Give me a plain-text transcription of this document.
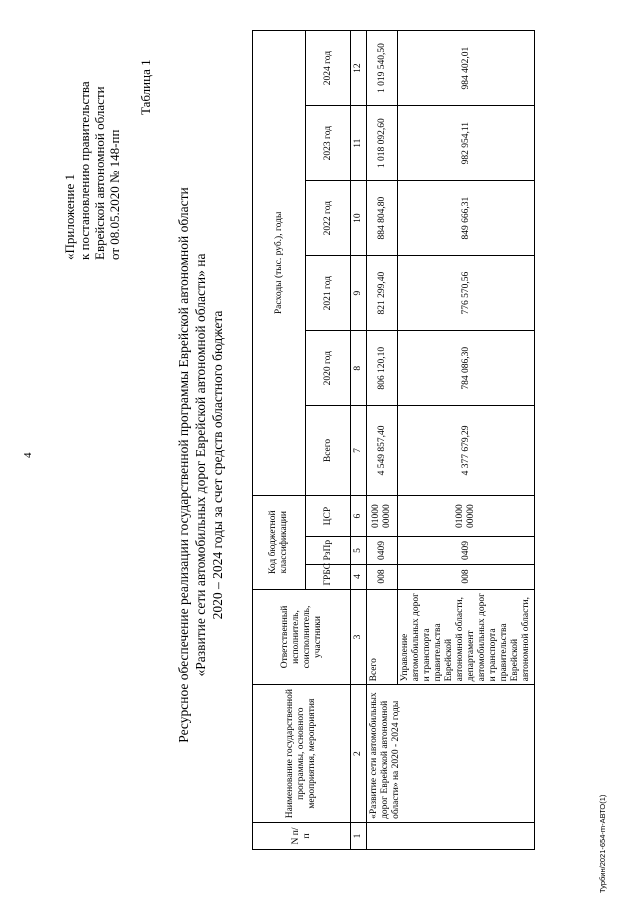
4
«Приложение 1 к постановлению правительства Еврейской автономной области от 08.05.2020 № 148-пп
Таблица 1
Ресурсное обеспечение реализации государственной программы Еврейской автономной области «Развитие сети автомобильных дорог Еврейской автономной области» на 2020 – 2024 годы за счет средств областного бюджета
N п/п	Наименование государственной программы, основного мероприятия, мероприятия	Ответственный исполнитель, соисполнитель, участники	Код бюджетной классификации			Расходы (тыс. руб.), годы					
			ГРБС	РзПр	ЦСР	Всего	2020 год	2021 год	2022 год	2023 год	2024 год
1	2	3	4	5	6	7	8	9	10	11	12
	«Развитие сети автомобильных дорог Еврейской автономной области» на 2020 - 2024 годы	Всего	008	0409	01000 00000	4 549 857,40	806 120,10	821 299,40	884 804,80	1 018 092,60	1 019 540,50
		Управление автомобильных дорог и транспорта правительства Еврейской автономной области, департамент автомобильных дорог и транспорта правительства Еврейской автономной области,	008	0409	01000 00000	4 377 679,29	784 086,30	776 570,56	849 666,31	982 954,11	984 402,01
Турбин/2021-654-m-АВТО(1)
